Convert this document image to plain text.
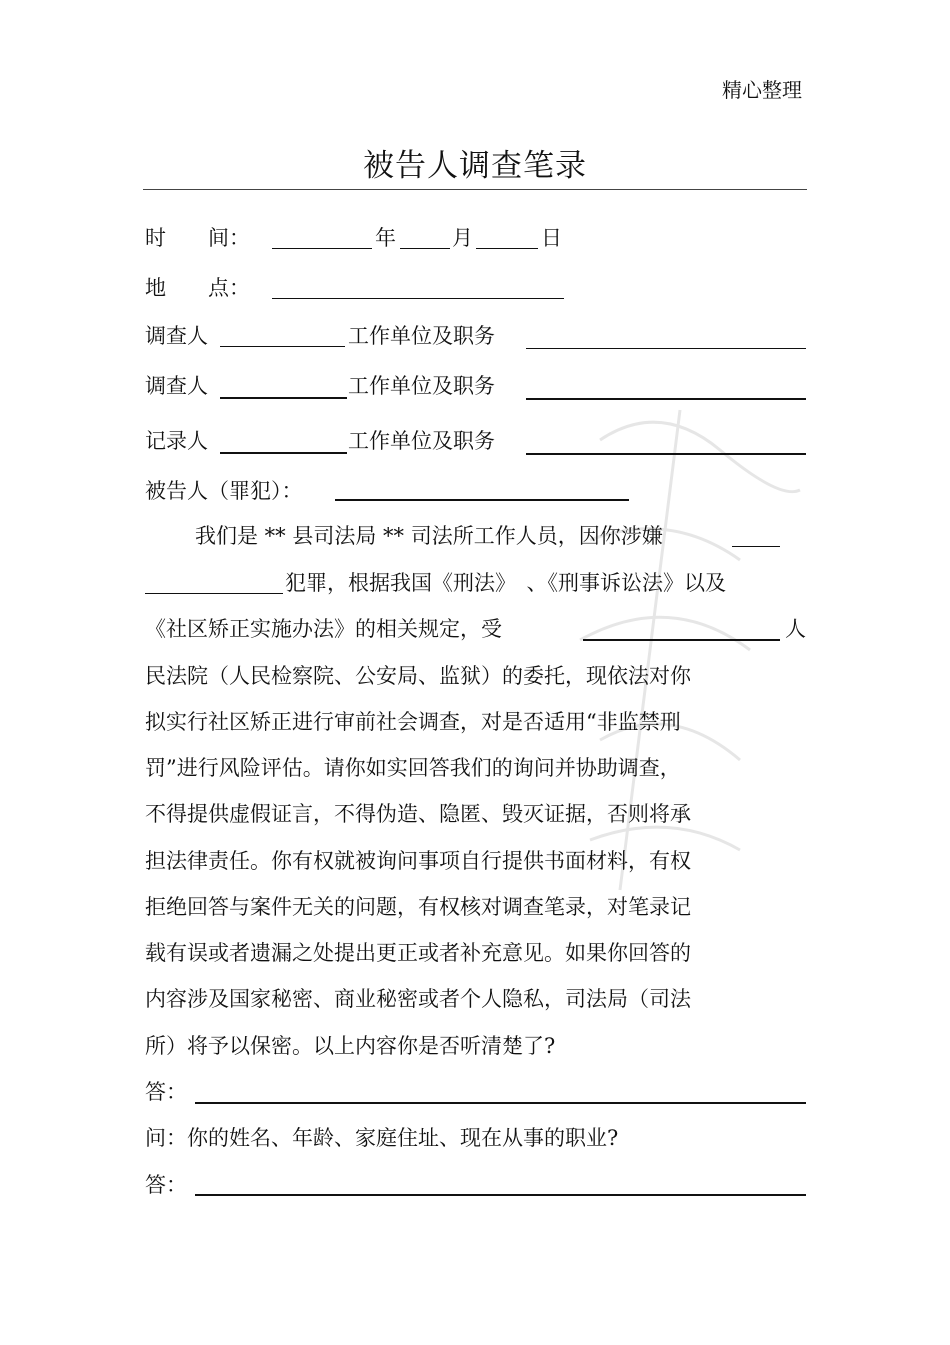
精心整理
被告人调查笔录
时　　间：	年	月	日
地　　点：
调查人	工作单位及职务
调查人	工作单位及职务
记录人	工作单位及职务
被告人（罪犯）：
我们是 ** 县司法局 ** 司法所工作人员，因你涉嫌
犯罪，根据我国《刑法》　、《刑事诉讼法》以及
《社区矫正实施办法》的相关规定，受	人
民法院（人民检察院、公安局、监狱）的委托，现依法对你
拟实行社区矫正进行审前社会调查，对是否适用“非监禁刑
罚”进行风险评估。请你如实回答我们的询问并协助调查，
不得提供虚假证言，不得伪造、隐匿、毁灭证据，否则将承
担法律责任。你有权就被询问事项自行提供书面材料，有权
拒绝回答与案件无关的问题，有权核对调查笔录，对笔录记
载有误或者遗漏之处提出更正或者补充意见。如果你回答的
内容涉及国家秘密、商业秘密或者个人隐私，司法局（司法
所）将予以保密。以上内容你是否听清楚了?
答：
问：你的姓名、年龄、家庭住址、现在从事的职业?
答：
